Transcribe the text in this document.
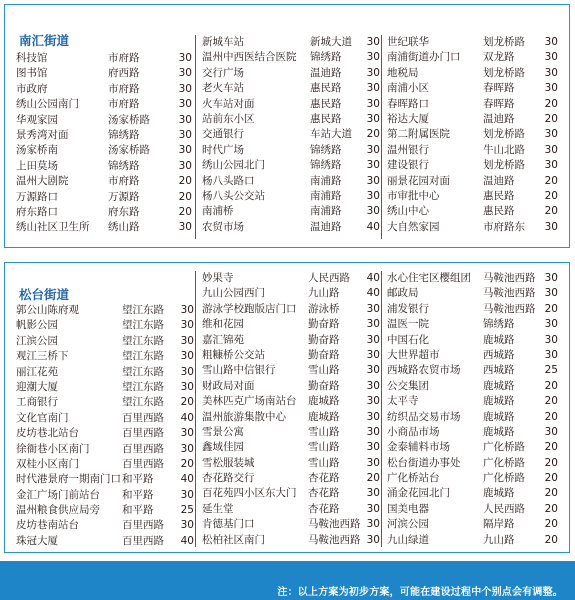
南汇街道
科技馆	市府路	30
图书馆	府西路	30
市政府	市府路	30
绣山公园南门	市府路	30
华观家园	汤家桥路	30
景秀湾对面	锦绣路	30
汤家桥南	汤家桥路	30
上田莫场	锦绣路	30
温州大剧院	市府路	20
万源路口	万源路	20
府东路口	府东路	20
绣山社区卫生所 绣山路	30
新城车站	新城大道 30
温州中西医结合医院 锦绣路 30
交行广场	温迪路 30
老火车站	惠民路 30
火车站对面	惠民路 30
站前东小区	惠民路 30
交通银行	车站大道 20
时代广场	锦绣路 30
绣山公园北门	锦绣路 30
杨八头路口	南浦路 30
杨八头公交站	南浦路 30
南浦桥	南浦路 30
农贸市场	温迪路 40
世纪联华	划龙桥路 30
南浦街道办门口 双龙路	30
地税局	划龙桥路 30
南浦小区	春晖路	30
春晖路口	春晖路	20
裕达大厦	温迪路	20
第二附属医院	划龙桥路 30
温州银行	牛山北路 30
建设银行	划龙桥路 30
丽景花园对面	温迪路	20
市审批中心	惠民路	20
绣山中心	惠民路	20
大自然家园	市府路东 30
松台街道
郭公山陈府观	望江东路 30
帆影公园	望江东路 30
江滨公园	望江东路 30
观江三桥下	望江东路 30
丽江花苑	望江东路 30
迎潮大厦	望江东路 30
工商银行	望江东路 20
文化官南门	百里西路 40
皮坊巷北站台	百里西路 30
徐衙巷小区南门	百里西路 30
双桂小区南门	百里西路 20
时代港景府一期南门口 和平路	40
金汇广场门前站台 和平路	30
温州粮食供应局旁 和平路	25
皮坊巷南站台	百里西路 30
珠冠大厦	百里西路 40
妙果寺	人民西路 40
九山公园西门	九山路	40
游泳学校跑版店门口 游泳桥	30
维和花园	勤奋路	30
嘉汇锦苑	勤奋路	30
粗糠桥公交站	勤奋路	30
雪山路中信银行	雪山路	30
财政局对面	勤奋路	30
美林匹克广场南站台 鹿城路	30
温州旅游集散中心 鹿城路	30
雪景公寓	雪山路	30
鑫域佳园	雪山路	30
雪松服装城	雪山路	30
杏花路交行	杏花路	20
百花苑四小区东大门 杏花路	30
延生堂	杏花路	30
肯德基门口	马鞍池西路 30
松柏社区南门	马鞍池西路 30
水心住宅区樱组团 马鞍池西路 30
邮政局	马鞍池西路 30
浦发银行	马鞍池西路 20
温医一院	锦绣路	30
中国石化	鹿城路	30
大世界超市	西城路	30
西城路农贸市场 西城路	25
公交集团	鹿城路	20
太平寺	鹿城路	20
纺织品交易市场 鹿城路	20
小商品市场	鹿城路	30
金泰辅料市场	广化桥路 20
松台街道办事处 广化桥路 20
广化桥站台	广化桥路 20
涌金花园北门	鹿城路	20
国美电器	人民西路 20
河滨公园	隔岸路	20
九山绿道	九山路	20
注：以上方案为初步方案，可能在建设过程中个别点会有调整。
